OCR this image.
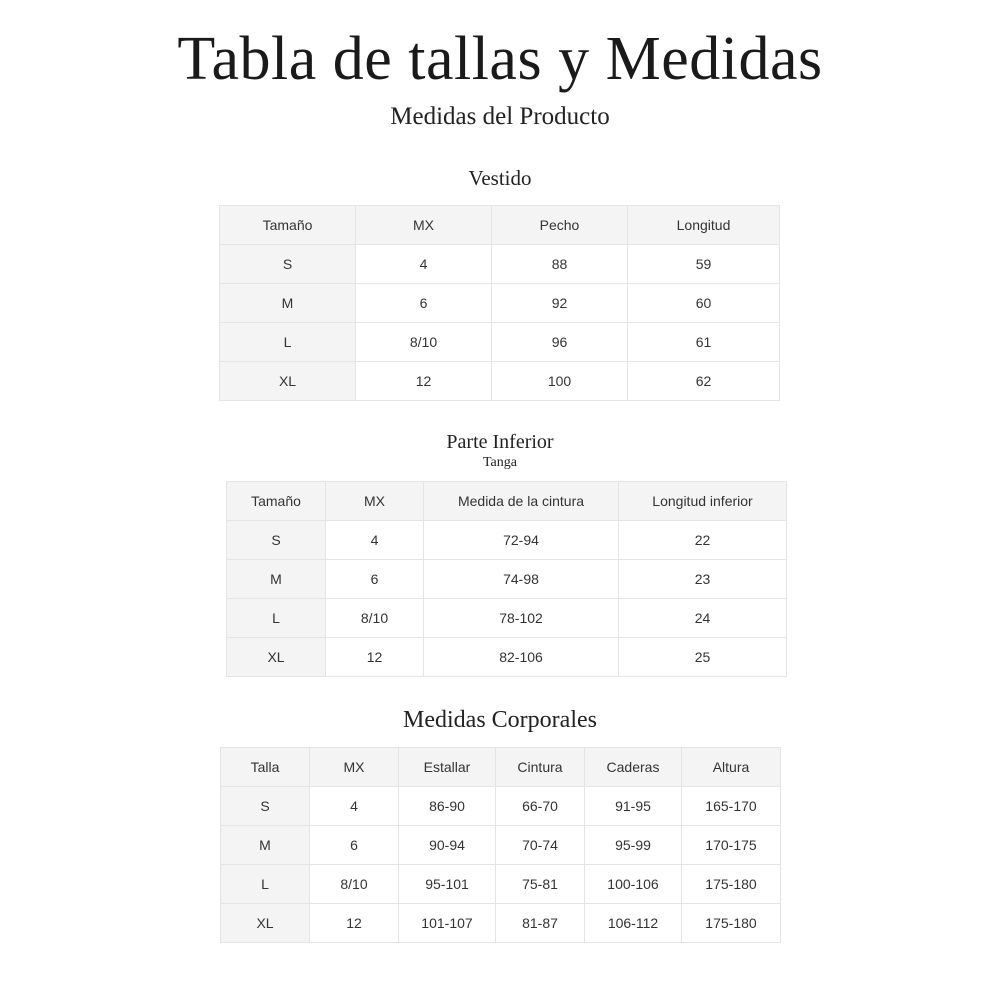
Tabla de tallas y Medidas
Medidas del Producto
Vestido
Tamaño	MX	Pecho	Longitud
S	4	88	59
M	6	92	60
L	8/10	96	61
XL	12	100	62
Parte Inferior
Tanga
Tamaño	MX	Medida de la cintura	Longitud inferior
S	4	72-94	22
M	6	74-98	23
L	8/10	78-102	24
XL	12	82-106	25
Medidas Corporales
Talla	MX	Estallar	Cintura	Caderas	Altura
S	4	86-90	66-70	91-95	165-170
M	6	90-94	70-74	95-99	170-175
L	8/10	95-101	75-81	100-106	175-180
XL	12	101-107	81-87	106-112	175-180
